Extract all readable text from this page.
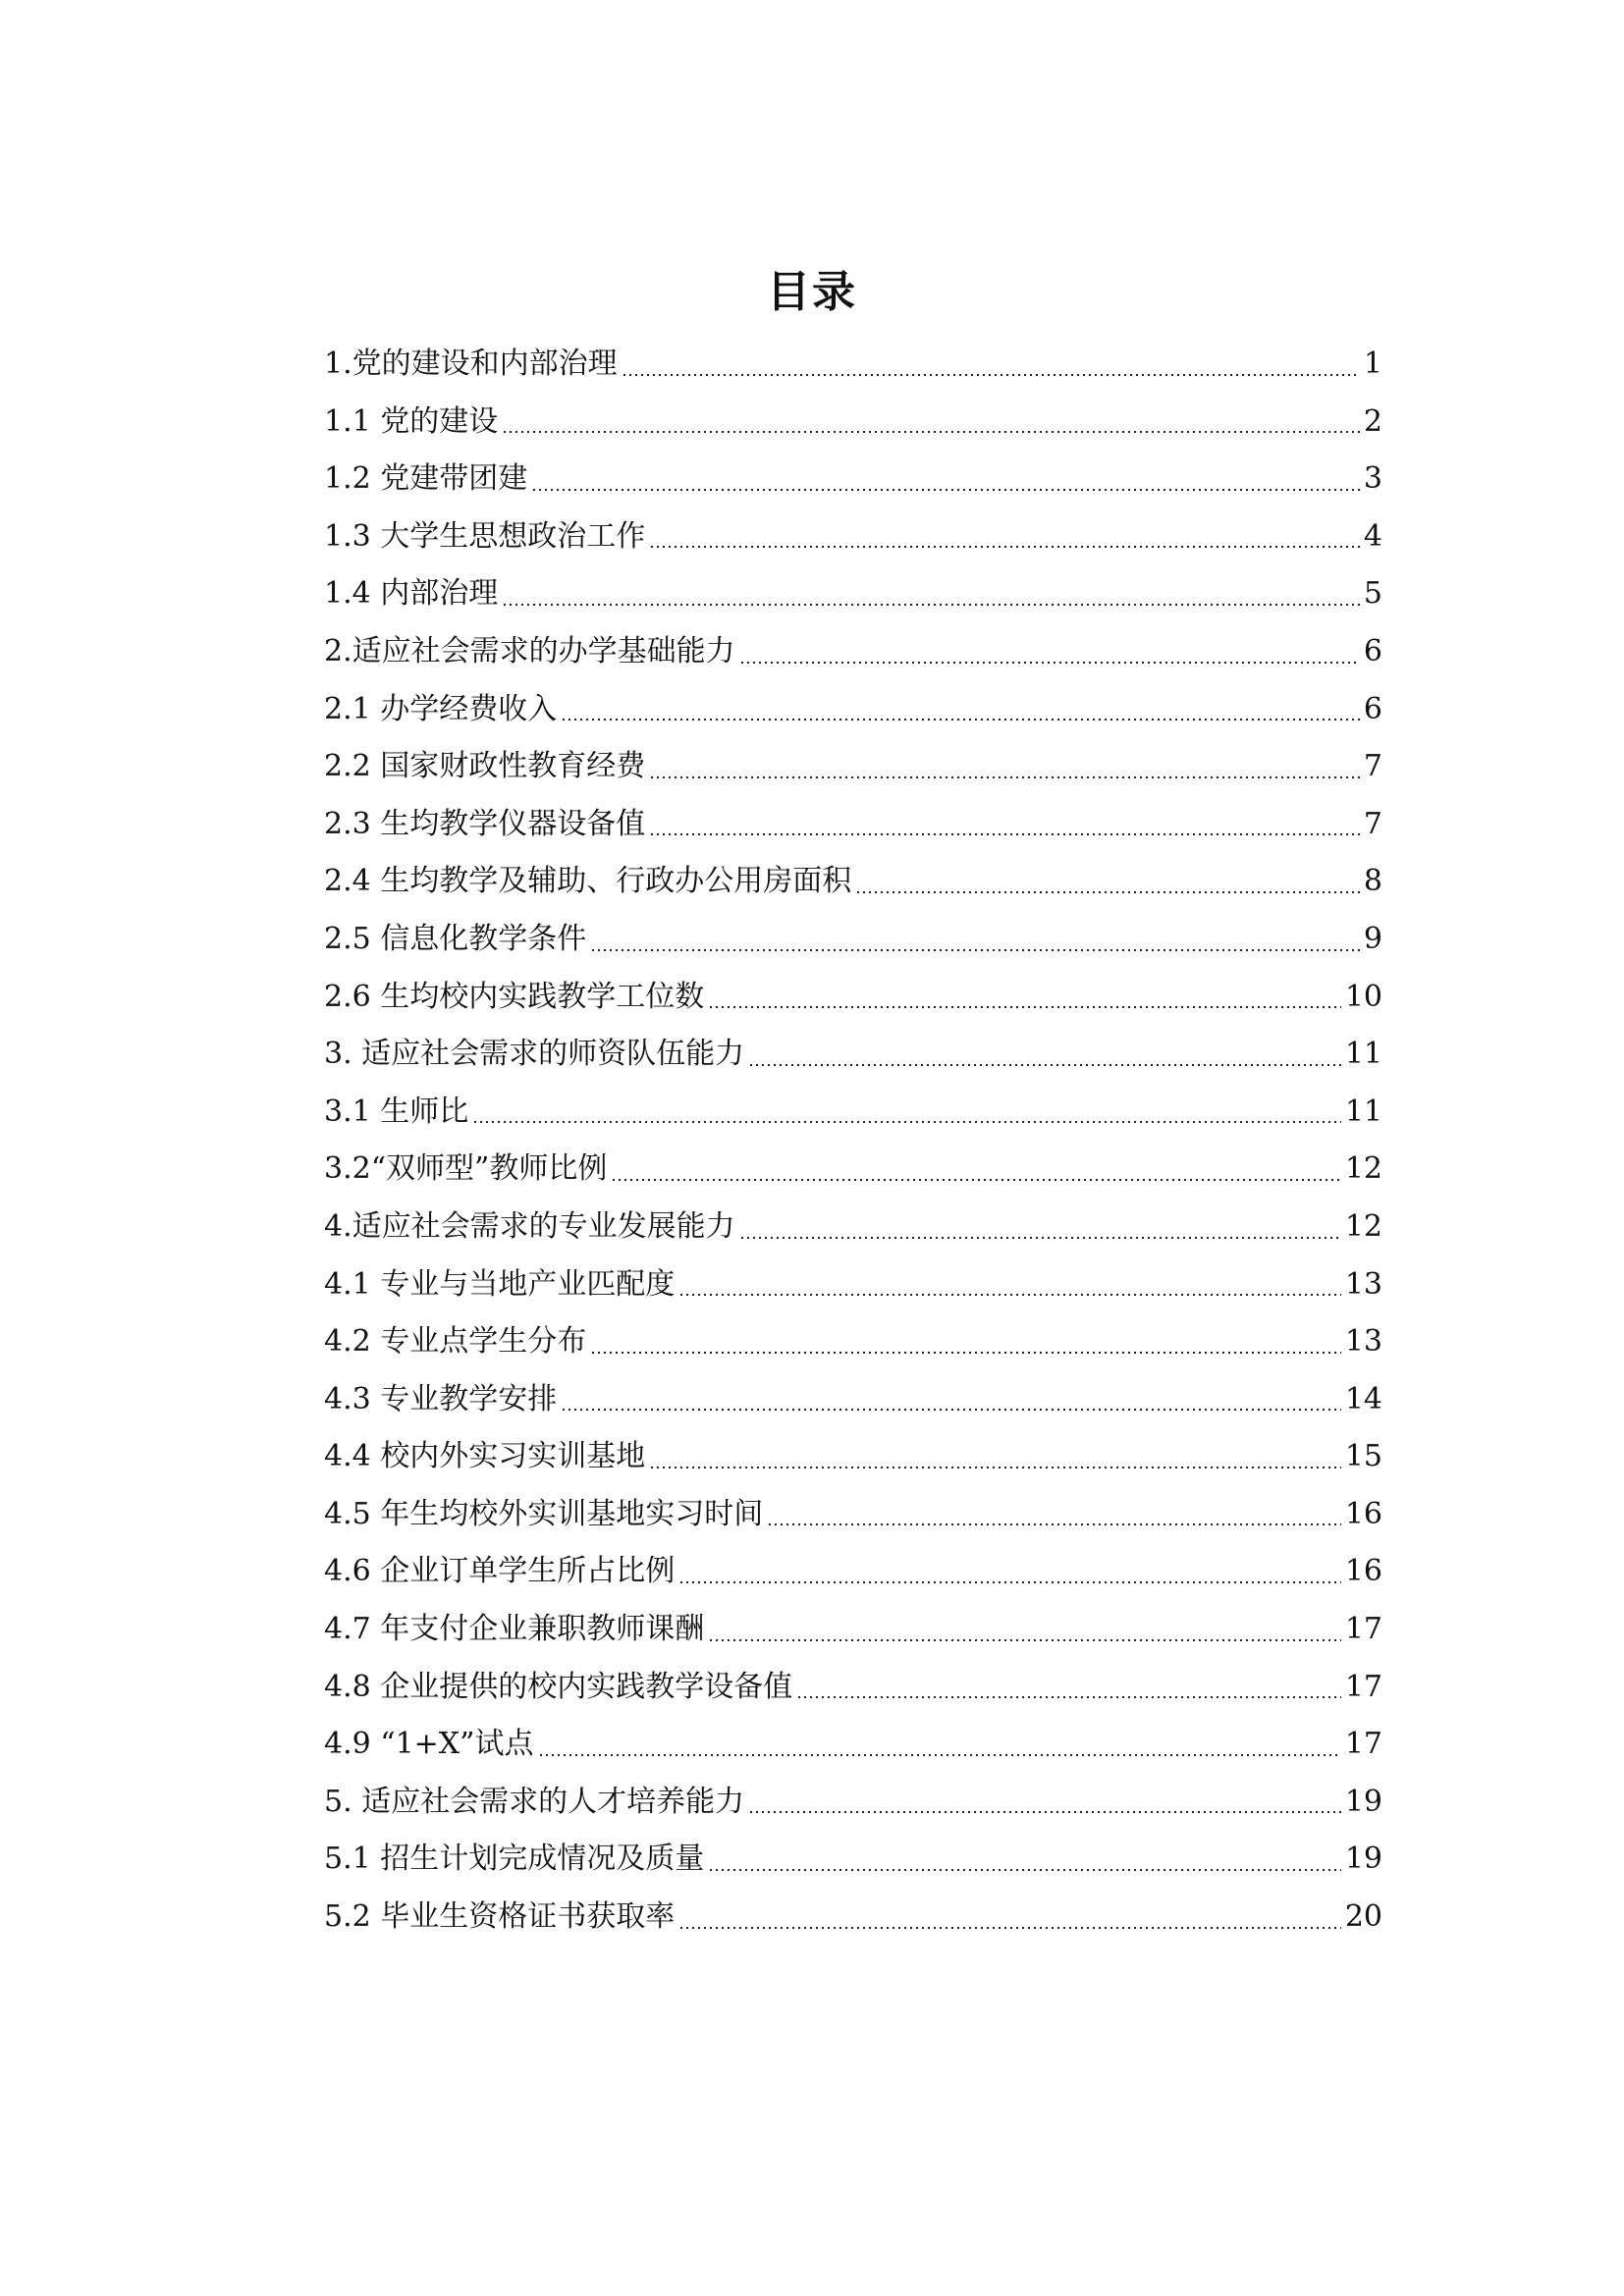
目录
1.党的建设和内部治理	1
1.1 党的建设	2
1.2 党建带团建	3
1.3 大学生思想政治工作	4
1.4 内部治理	5
2.适应社会需求的办学基础能力	6
2.1 办学经费收入	6
2.2 国家财政性教育经费	7
2.3 生均教学仪器设备值	7
2.4 生均教学及辅助、行政办公用房面积	8
2.5 信息化教学条件	9
2.6 生均校内实践教学工位数	10
3. 适应社会需求的师资队伍能力	11
3.1 生师比	11
3.2“双师型”教师比例	12
4.适应社会需求的专业发展能力	12
4.1 专业与当地产业匹配度	13
4.2 专业点学生分布	13
4.3 专业教学安排	14
4.4 校内外实习实训基地	15
4.5 年生均校外实训基地实习时间	16
4.6 企业订单学生所占比例	16
4.7 年支付企业兼职教师课酬	17
4.8 企业提供的校内实践教学设备值	17
4.9 “1+X”试点	17
5. 适应社会需求的人才培养能力	19
5.1 招生计划完成情况及质量	19
5.2 毕业生资格证书获取率	20
